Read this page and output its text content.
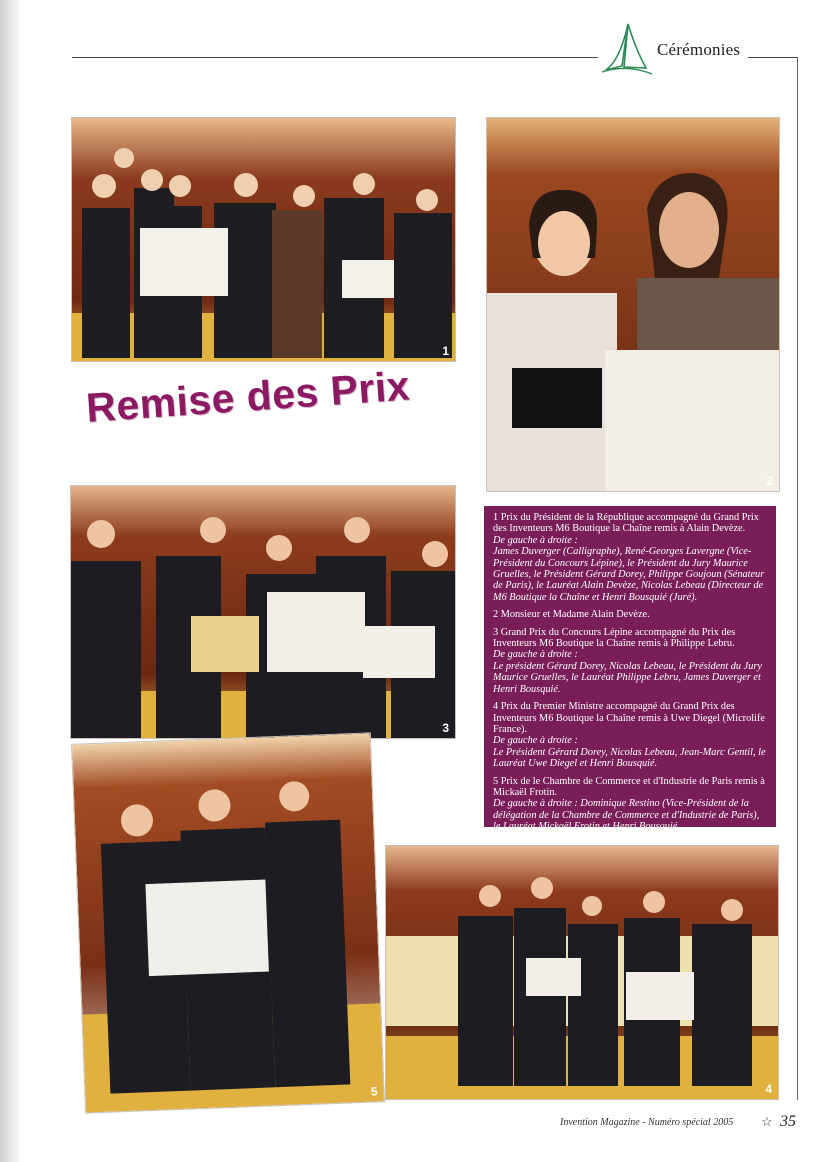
Cérémonies
1
2
Remise des Prix
3

1 Prix du Président de la République accompagné du Grand Prix des Inventeurs M6 Boutique la Chaîne remis à Alain Devèze.
De gauche à droite :
James Duverger (Calligraphe), René-Georges Lavergne (Vice-Président du Concours Lépine), le Président du Jury Maurice Gruelles, le Président Gérard Dorey, Philippe Goujoun (Sénateur de Paris), le Lauréat Alain Devèze, Nicolas Lebeau (Directeur de M6 Boutique la Chaîne et Henri Bousquié (Juré).

2 Monsieur et Madame Alain Devèze.

3 Grand Prix du Concours Lépine accompagné du Prix des Inventeurs M6 Boutique la Chaîne remis à Philippe Lebru.
De gauche à droite :
Le président Gérard Dorey, Nicolas Lebeau, le Président du Jury Maurice Gruelles, le Lauréat Philippe Lebru, James Duverger et Henri Bousquié.

4 Prix du Premier Ministre accompagné du Grand Prix des Inventeurs M6 Boutique la Chaîne remis à Uwe Diegel (Microlife France).
De gauche à droite :
Le Président Gérard Dorey, Nicolas Lebeau, Jean-Marc Gentil, le Lauréat Uwe Diegel et Henri Bousquié.

5 Prix de le Chambre de Commerce et d'Industrie de Paris remis à Mickaël Frotin.
De gauche à droite : Dominique Restino (Vice-Président de la délégation de la Chambre de Commerce et d'Industrie de Paris), le Lauréat Mickaël Frotin et Henri Bousquié.

5	4
Invention Magazine - Numéro spécial 2005 ☆ 35
